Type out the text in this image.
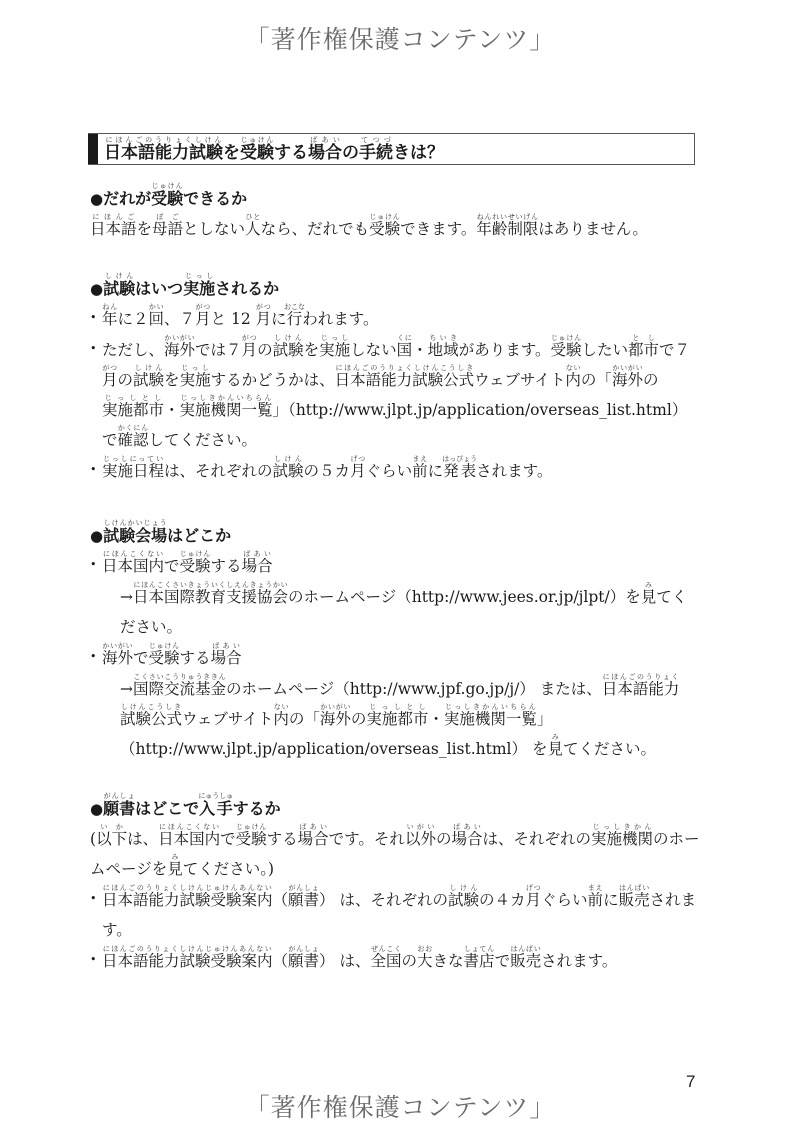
「著作権保護コンテンツ」
日本語能力試験にほんごのうりょくしけんを受験じゅけんする場合ばあいの手続てつづきは？

●だれが受験じゅけんできるか

日本語にほんごを母語ぼごとしない人ひとなら、だれでも受験じゅけんできます。年齢制限ねんれいせいげんはありません。

●試験しけんはいつ実施じっしされるか

• 年ねんに２回かい、７月がつと 12 月がつに行おこなわれます。
• ただし、海外かいがいでは７月がつの試験しけんを実施じっししない国くに・地域ちいきがあります。受験じゅけんしたい都市としで７月がつの試験しけんを実施じっしするかどうかは、日本語能力試験公式にほんごのうりょくしけんこうしきウェブサイト内ないの「海外かいがいの実施都市じっしとし・実施機関一覧じっしきかんいちらん」（http://www.jlpt.jp/application/overseas_list.html） で確認かくにんしてください。
• 実施日程じっしにっていは、それぞれの試験しけんの５カ月げつぐらい前まえに発表はっぴょうされます。

●試験会場しけんかいじょうはどこか

• 日本国内にほんこくないで受験じゅけんする場合ばあい
→日本国際教育支援協会にほんこくさいきょういくしえんきょうかいのホームページ（http://www.jees.or.jp/jlpt/）を見みてください。
• 海外かいがいで受験じゅけんする場合ばあい
→国際交流基金こくさいこうりゅうききんのホームページ（http://www.jpf.go.jp/j/） または、日本語能力にほんごのうりょく試験公式しけんこうしきウェブサイト内ないの「海外かいがいの実施都市じっしとし・実施機関一覧じっしきかんいちらん」（http://www.jlpt.jp/application/overseas_list.html） を見みてください。

●願書がんしょはどこで入手にゅうしゅするか

(以下いかは、日本国内にほんこくないで受験じゅけんする場合ばあいです。それ以外いがいの場合ばあいは、それぞれの実施機関じっしきかんのホームページを見みてください。)

• 日本語能力試験受験案内にほんごのうりょくしけんじゅけんあんない（願書がんしょ） は、それぞれの試験しけんの４カ月げつぐらい前まえに販売はんばいされます。
• 日本語能力試験受験案内にほんごのうりょくしけんじゅけんあんない（願書がんしょ） は、全国ぜんこくの大おおきな書店しょてんで販売はんばいされます。
7
「著作権保護コンテンツ」
